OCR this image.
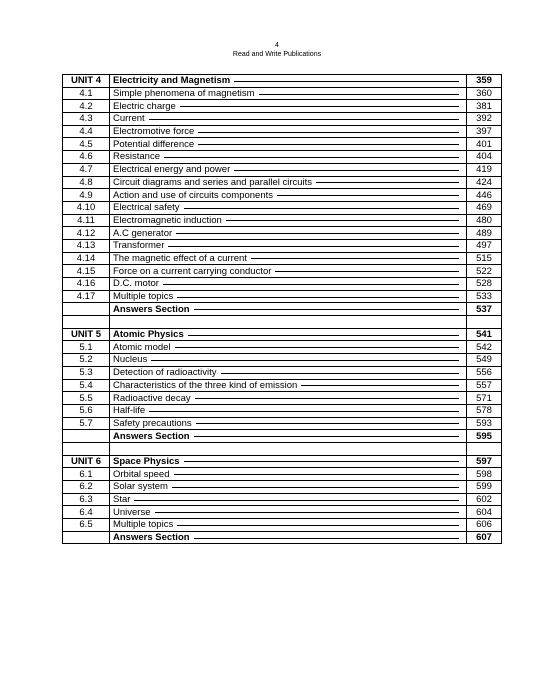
4
Read and Write Publications
UNIT 4	Electricity and Magnetism	359
4.1	Simple phenomena of magnetism	360
4.2	Electric charge	381
4.3	Current	392
4.4	Electromotive force	397
4.5	Potential difference	401
4.6	Resistance	404
4.7	Electrical energy and power	419
4.8	Circuit diagrams and series and parallel circuits	424
4.9	Action and use of circuits components	446
4.10	Electrical safety	469
4.11	Electromagnetic induction	480
4.12	A.C generator	489
4.13	Transformer	497
4.14	The magnetic effect of a current	515
4.15	Force on a current carrying conductor	522
4.16	D.C. motor	528
4.17	Multiple topics	533

	Answers Section	537

UNIT 5	Atomic Physics	541
5.1	Atomic model	542
5.2	Nucleus	549
5.3	Detection of radioactivity	556
5.4	Characteristics of the three kind of emission	557
5.5	Radioactive decay	571
5.6	Half-life	578
5.7	Safety precautions	593

	Answers Section	595

UNIT 6	Space Physics	597
6.1	Orbital speed	598
6.2	Solar system	599
6.3	Star	602
6.4	Universe	604
6.5	Multiple topics	606

	Answers Section	607
